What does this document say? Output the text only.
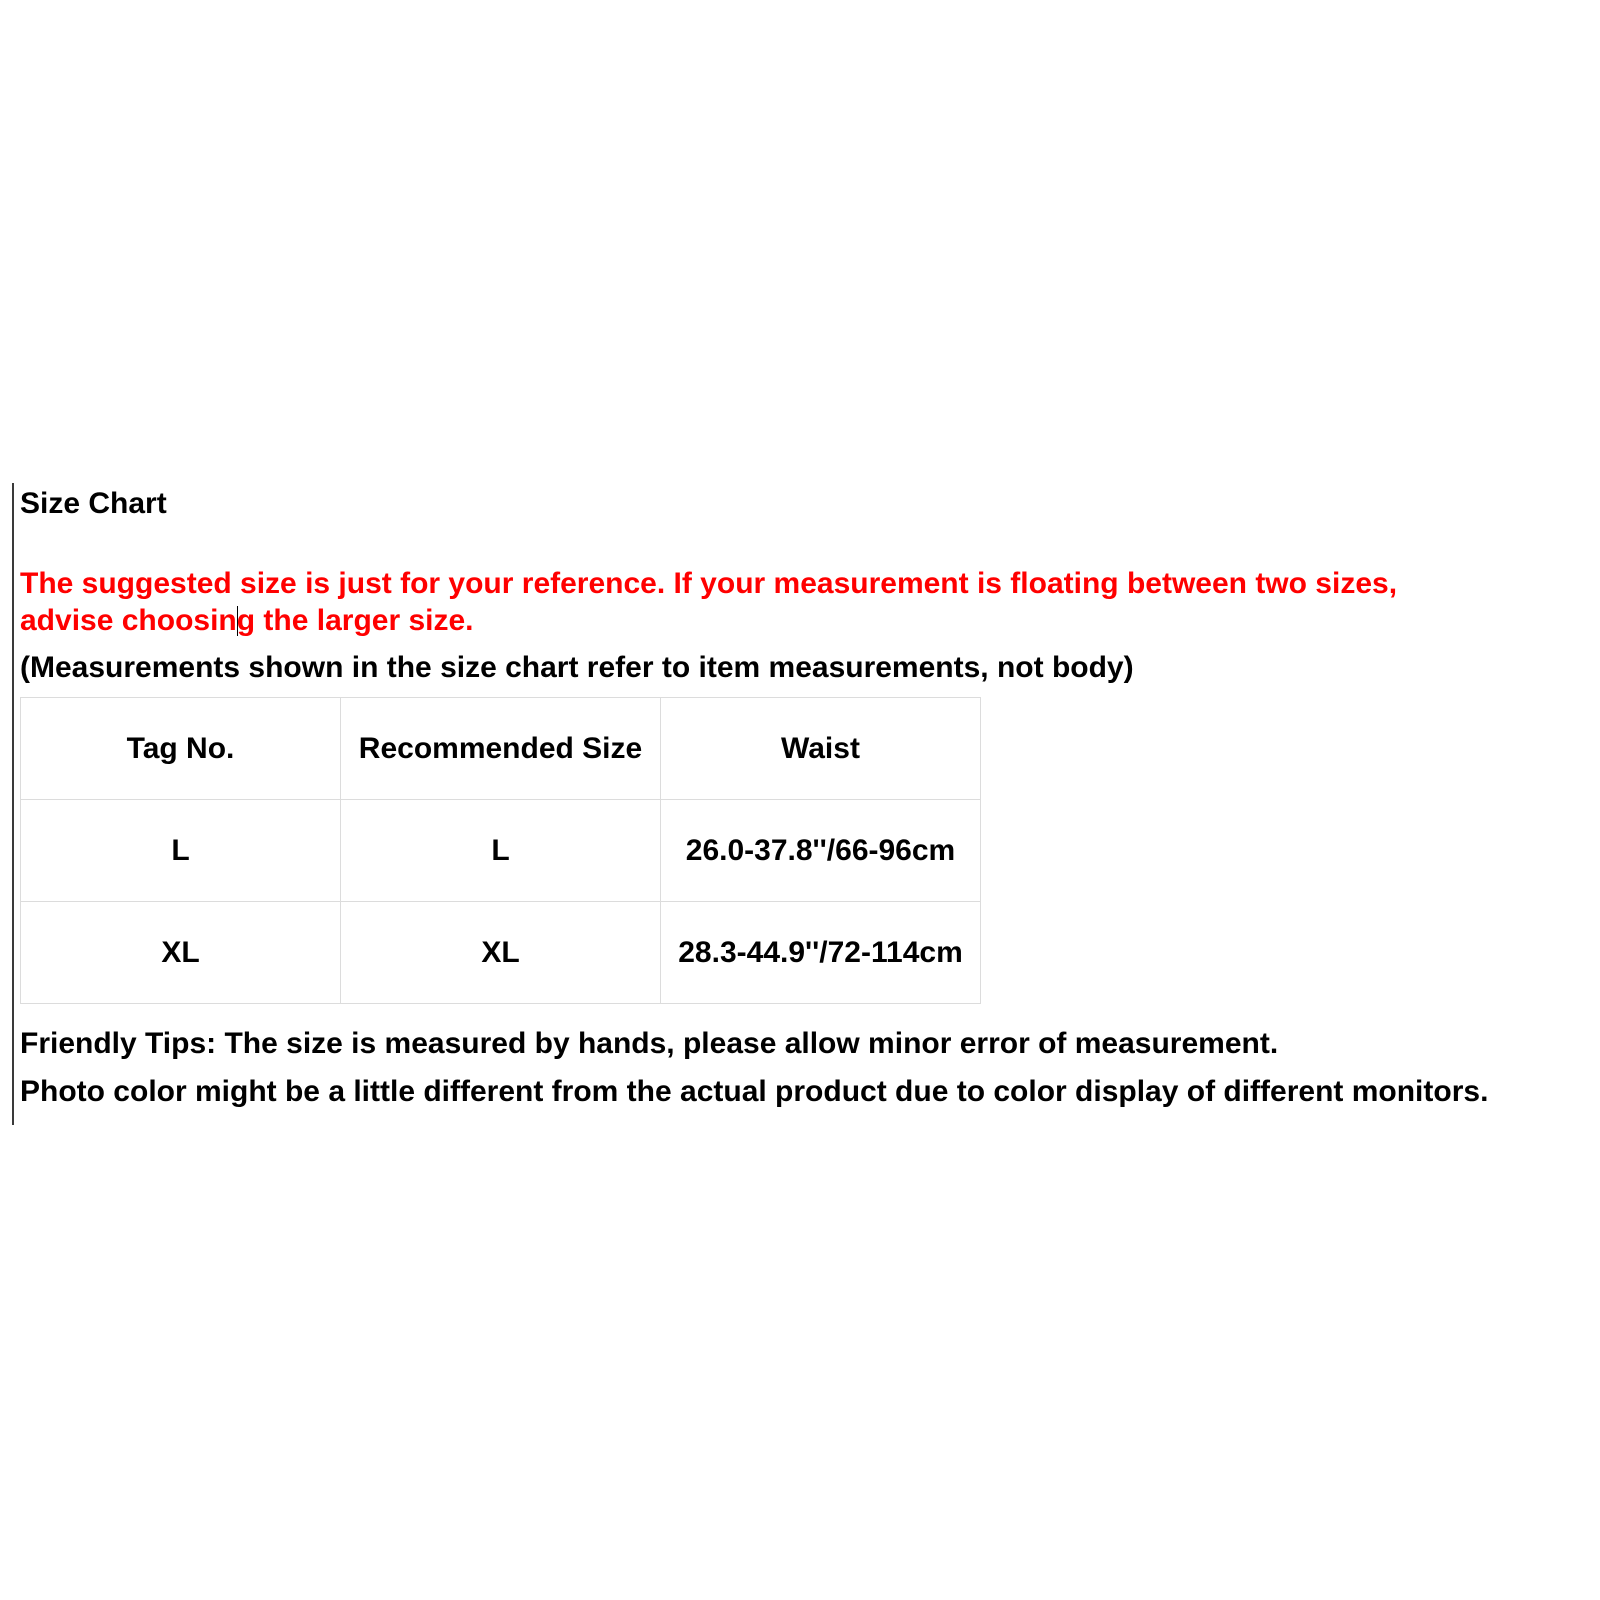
Size Chart

The suggested size is just for your reference. If your measurement is floating between two sizes,
advise choosing the larger size.

(Measurements shown in the size chart refer to item measurements, not body)
Tag No.	Recommended Size	Waist
L	L	26.0-37.8''/66-96cm
XL	XL	28.3-44.9''/72-114cm
Friendly Tips: The size is measured by hands, please allow minor error of measurement.
Photo color might be a little different from the actual product due to color display of different monitors.
